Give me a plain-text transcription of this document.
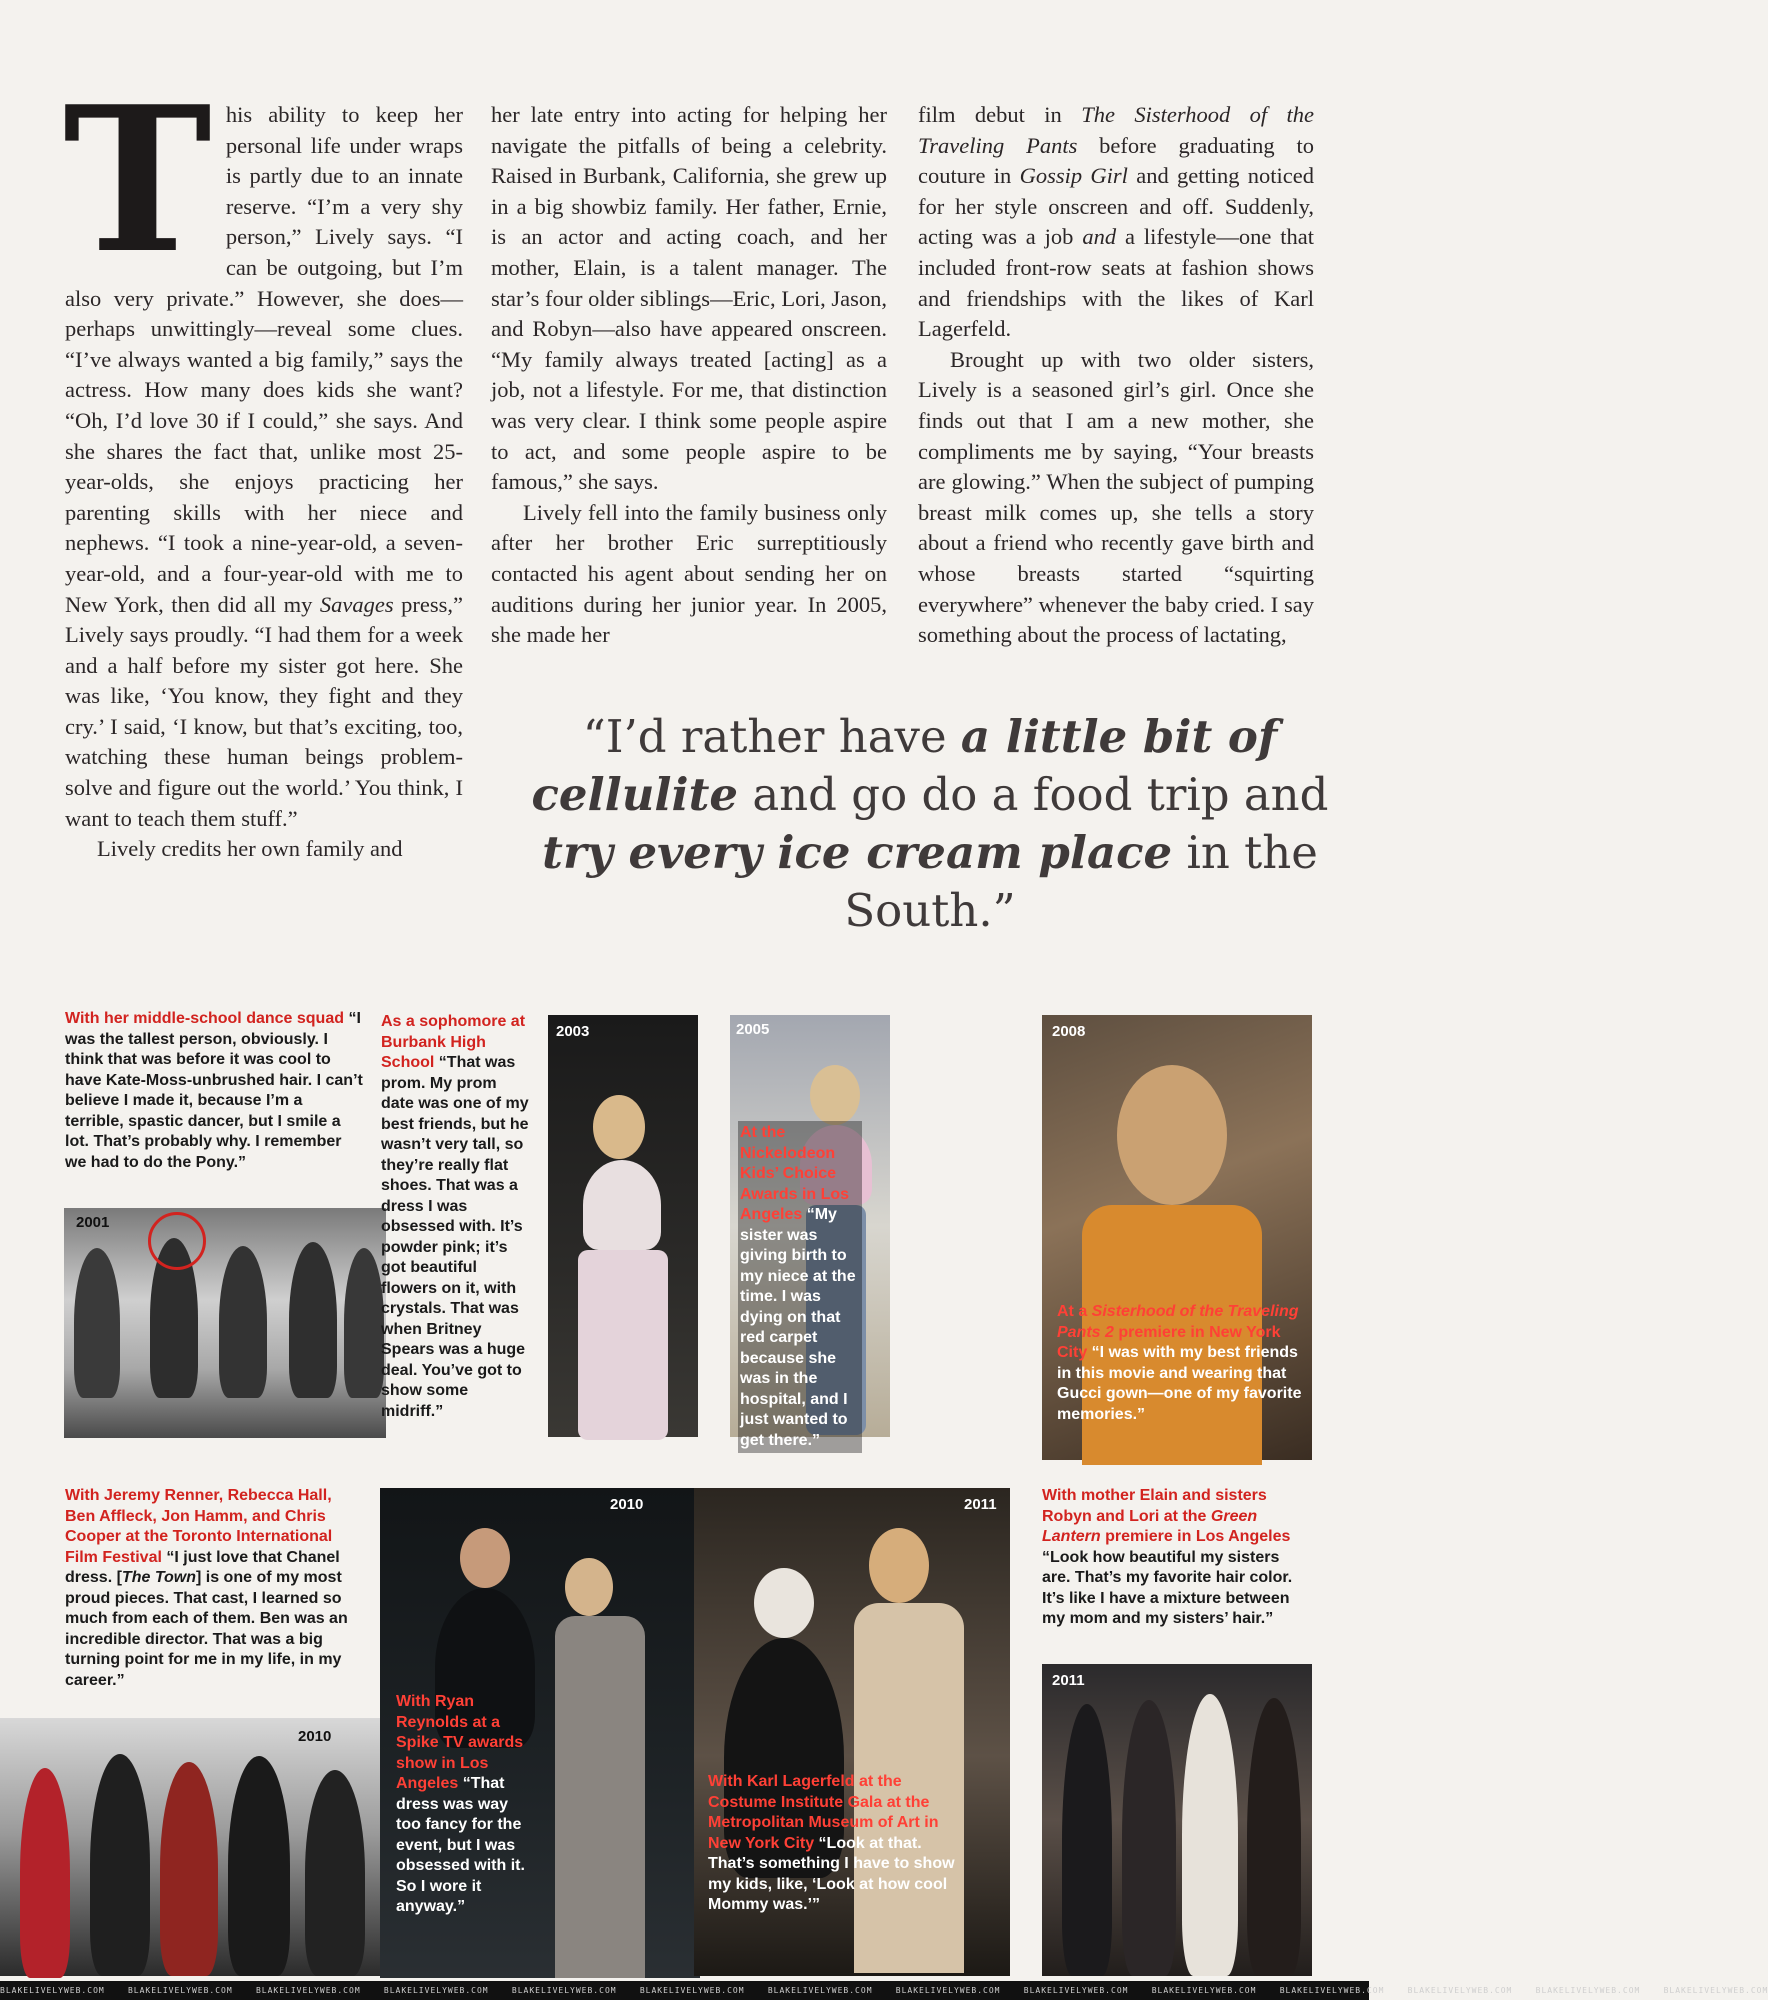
This ability to keep her personal life under wraps is partly due to an innate reserve. “I’m a very shy person,” Lively says. “I can be outgoing, but I’m also very private.” However, she does—perhaps unwittingly—reveal some clues. “I’ve always wanted a big family,” says the actress. How many does kids she want? “Oh, I’d love 30 if I could,” she says. And she shares the fact that, unlike most 25-year-olds, she enjoys practicing her parenting skills with her niece and nephews. “I took a nine-year-old, a seven-year-old, and a four-year-old with me to New York, then did all my Savages press,” Lively says proudly. “I had them for a week and a half before my sister got here. She was like, ‘You know, they fight and they cry.’ I said, ‘I know, but that’s exciting, too, watching these human beings problem-solve and figure out the world.’ You think, I want to teach them stuff.”

Lively credits her own family and

her late entry into acting for helping her navigate the pitfalls of being a celebrity. Raised in Burbank, California, she grew up in a big showbiz family. Her father, Ernie, is an actor and acting coach, and her mother, Elain, is a talent manager. The star’s four older siblings—Eric, Lori, Jason, and Robyn—also have appeared onscreen. “My family always treated [acting] as a job, not a lifestyle. For me, that distinction was very clear. I think some people aspire to act, and some people aspire to be famous,” she says.

Lively fell into the family business only after her brother Eric surreptitiously contacted his agent about sending her on auditions during her junior year. In 2005, she made her

film debut in The Sisterhood of the Traveling Pants before graduating to couture in Gossip Girl and getting noticed for her style onscreen and off. Suddenly, acting was a job and a lifestyle—one that included front-row seats at fashion shows and friendships with the likes of Karl Lagerfeld.

Brought up with two older sisters, Lively is a seasoned girl’s girl. Once she finds out that I am a new mother, she compliments me by saying, “Your breasts are glowing.” When the subject of pumping breast milk comes up, she tells a story about a friend who recently gave birth and whose breasts started “squirting everywhere” whenever the baby cried. I say something about the process of lactating,

“I’d rather have a little bit of cellulite and go do a food trip and try every ice cream place in the South.”
With her middle-school dance squad “I was the tallest person, obviously. I think that was before it was cool to have Kate-Moss-unbrushed hair. I can’t believe I made it, because I’m a terrible, spastic dancer, but I smile a lot. That’s probably why. I remember we had to do the Pony.”
2001
As a sophomore at Burbank High School “That was prom. My prom date was one of my best friends, but he wasn’t very tall, so they’re really flat shoes. That was a dress I was obsessed with. It’s powder pink; it’s got beautiful flowers on it, with crystals. That was when Britney Spears was a huge deal. You’ve got to show some midriff.”
2003	2005
At the Nickelodeon Kids’ Choice Awards in Los Angeles “My sister was giving birth to my niece at the time. I was dying on that red carpet because she was in the hospital, and I just wanted to get there.”
2008
At a Sisterhood of the Traveling Pants 2 premiere in New York City “I was with my best friends in this movie and wearing that Gucci gown—one of my favorite memories.”
With Jeremy Renner, Rebecca Hall, Ben Affleck, Jon Hamm, and Chris Cooper at the Toronto International Film Festival “I just love that Chanel dress. [The Town] is one of my most proud pieces. That cast, I learned so much from each of them. Ben was an incredible director. That was a big turning point for me in my life, in my career.”
2010
2010
With Ryan Reynolds at a Spike TV awards show in Los Angeles “That dress was way too fancy for the event, but I was obsessed with it. So I wore it anyway.”
2011
With Karl Lagerfeld at the Costume Institute Gala at the Metropolitan Museum of Art in New York City “Look at that. That’s something I have to show my kids, like, ‘Look at how cool Mommy was.’”
With mother Elain and sisters Robyn and Lori at the Green Lantern premiere in Los Angeles “Look how beautiful my sisters are. That’s my favorite hair color. It’s like I have a mixture between my mom and my sisters’ hair.”
2011
BLAKELIVELYWEB.COM	BLAKELIVELYWEB.COM	BLAKELIVELYWEB.COM	BLAKELIVELYWEB.COM	BLAKELIVELYWEB.COM	BLAKELIVELYWEB.COM	BLAKELIVELYWEB.COM	BLAKELIVELYWEB.COM	BLAKELIVELYWEB.COM	BLAKELIVELYWEB.COM	BLAKELIVELYWEB.COM	BLAKELIVELYWEB.COM	BLAKELIVELYWEB.COM	BLAKELIVELYWEB.COM
